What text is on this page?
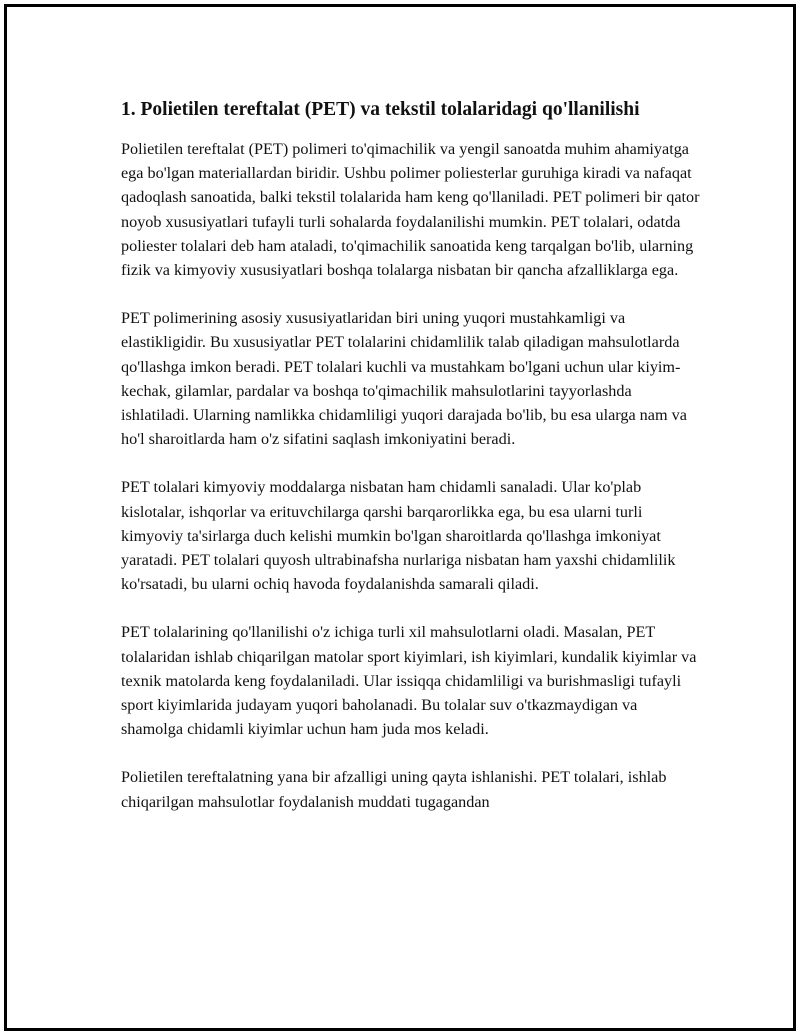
1. Polietilen tereftalat (PET) va tekstil tolalaridagi qo'llanilishi

Polietilen tereftalat (PET) polimeri to'qimachilik va yengil sanoatda muhim ahamiyatga ega bo'lgan materiallardan biridir. Ushbu polimer poliesterlar guruhiga kiradi va nafaqat qadoqlash sanoatida, balki tekstil tolalarida ham keng qo'llaniladi. PET polimeri bir qator noyob xususiyatlari tufayli turli sohalarda foydalanilishi mumkin. PET tolalari, odatda poliester tolalari deb ham ataladi, to'qimachilik sanoatida keng tarqalgan bo'lib, ularning fizik va kimyoviy xususiyatlari boshqa tolalarga nisbatan bir qancha afzalliklarga ega.

PET polimerining asosiy xususiyatlaridan biri uning yuqori mustahkamligi va elastikligidir. Bu xususiyatlar PET tolalarini chidamlilik talab qiladigan mahsulotlarda qo'llashga imkon beradi. PET tolalari kuchli va mustahkam bo'lgani uchun ular kiyim-kechak, gilamlar, pardalar va boshqa to'qimachilik mahsulotlarini tayyorlashda ishlatiladi. Ularning namlikka chidamliligi yuqori darajada bo'lib, bu esa ularga nam va ho'l sharoitlarda ham o'z sifatini saqlash imkoniyatini beradi.

PET tolalari kimyoviy moddalarga nisbatan ham chidamli sanaladi. Ular ko'plab kislotalar, ishqorlar va erituvchilarga qarshi barqarorlikka ega, bu esa ularni turli kimyoviy ta'sirlarga duch kelishi mumkin bo'lgan sharoitlarda qo'llashga imkoniyat yaratadi. PET tolalari quyosh ultrabinafsha nurlariga nisbatan ham yaxshi chidamlilik ko'rsatadi, bu ularni ochiq havoda foydalanishda samarali qiladi.

PET tolalarining qo'llanilishi o'z ichiga turli xil mahsulotlarni oladi. Masalan, PET tolalaridan ishlab chiqarilgan matolar sport kiyimlari, ish kiyimlari, kundalik kiyimlar va texnik matolarda keng foydalaniladi. Ular issiqqa chidamliligi va burishmasligi tufayli sport kiyimlarida judayam yuqori baholanadi. Bu tolalar suv o'tkazmaydigan va shamolga chidamli kiyimlar uchun ham juda mos keladi.

Polietilen tereftalatning yana bir afzalligi uning qayta ishlanishi. PET tolalari, ishlab chiqarilgan mahsulotlar foydalanish muddati tugagandan
